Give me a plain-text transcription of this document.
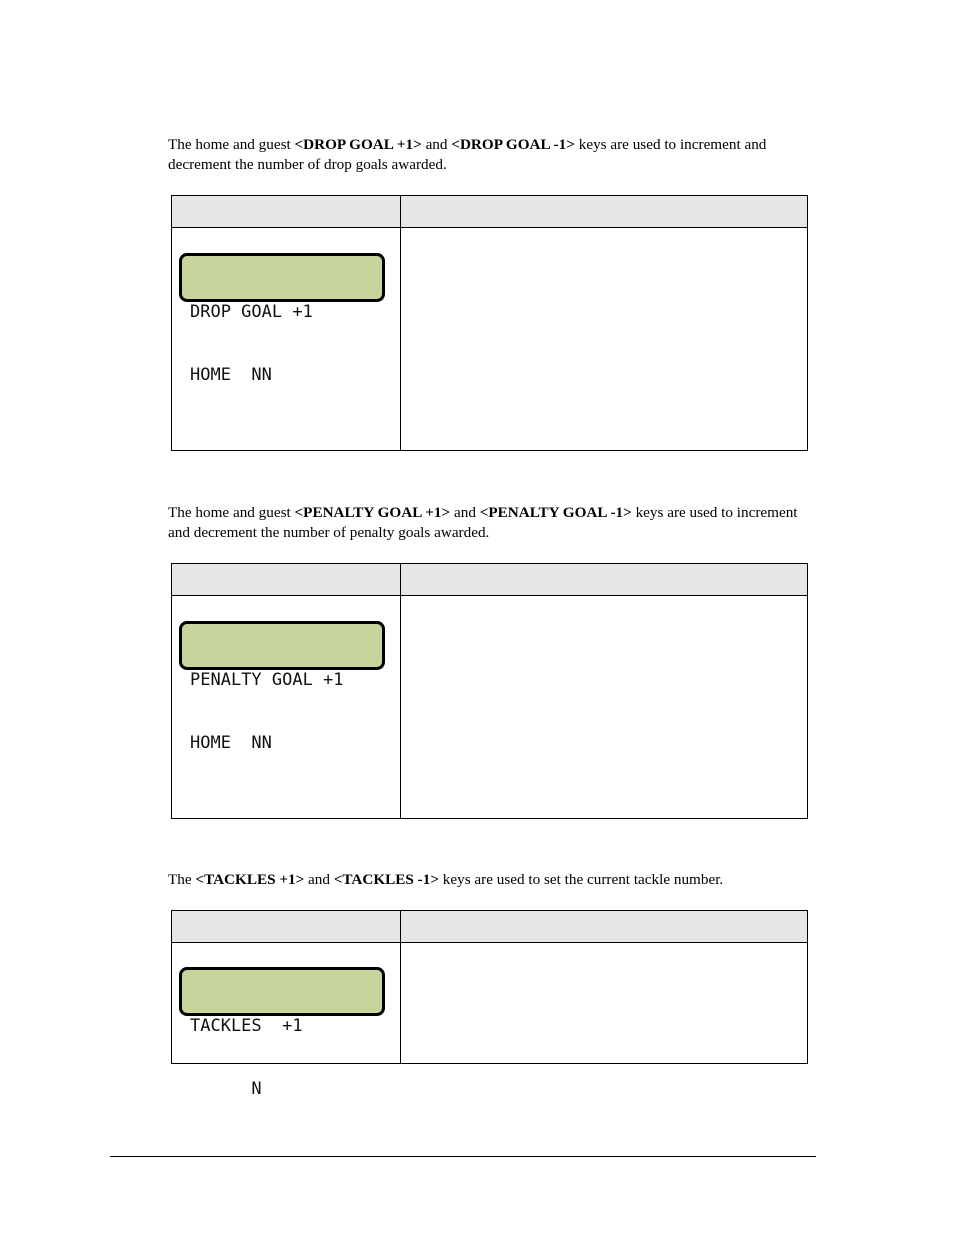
The home and guest <DROP GOAL +1> and <DROP GOAL -1> keys are used to increment and decrement the number of drop goals awarded.

DROP GOAL +1

HOME  NN	

The home and guest <PENALTY GOAL +1> and <PENALTY GOAL -1> keys are used to increment and decrement the number of penalty goals awarded.

PENALTY GOAL +1

HOME  NN	

The <TACKLES +1> and <TACKLES -1> keys are used to set the current tackle number.

TACKLES  +1

N	
